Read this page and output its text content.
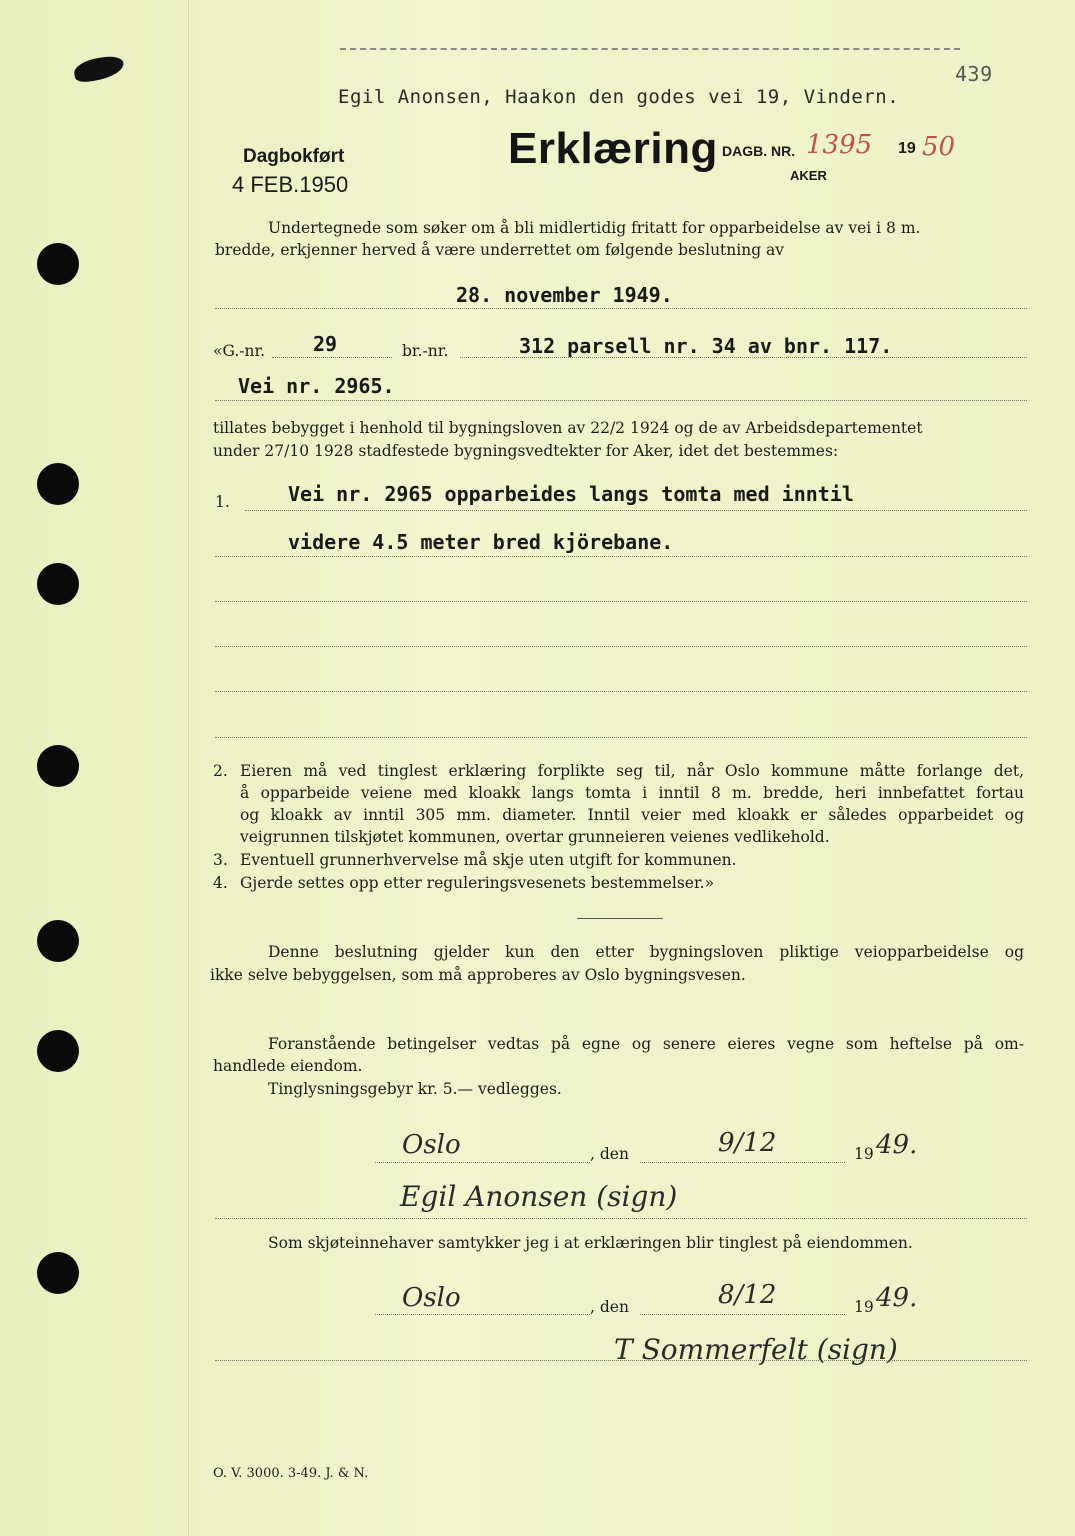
439
Egil Anonsen, Haakon den godes vei 19, Vindern.
Dagbokført
4 FEB.1950
Erklæring DAGB. NR. 1395 19 50
AKER
Undertegnede som søker om å bli midlertidig fritatt for opparbeidelse av vei i 8 m.
bredde, erkjenner herved å være underrettet om følgende beslutning av
28. november 1949.
«G.-nr. 29	br.-nr.	312 parsell nr. 34 av bnr. 117.
Vei nr. 2965.
tillates bebygget i henhold til bygningsloven av 22/2 1924 og de av Arbeidsdepartementet
under 27/10 1928 stadfestede bygningsvedtekter for Aker, idet det bestemmes:
1.	Vei nr. 2965 opparbeides langs tomta med inntil
videre 4.5 meter bred kjörebane.
2. Eieren må ved tinglest erklæring forplikte seg til, når Oslo kommune måtte forlange det,
å opparbeide veiene med kloakk langs tomta i inntil 8 m. bredde, heri innbefattet fortau
og kloakk av inntil 305 mm. diameter. Inntil veier med kloakk er således opparbeidet og
veigrunnen tilskjøtet kommunen, overtar grunneieren veienes vedlikehold.
3. Eventuell grunnerhvervelse må skje uten utgift for kommunen.
4. Gjerde settes opp etter reguleringsvesenets bestemmelser.»
Denne beslutning gjelder kun den etter bygningsloven pliktige veiopparbeidelse og
ikke selve bebyggelsen, som må approberes av Oslo bygningsvesen.
Foranstående betingelser vedtas på egne og senere eieres vegne som heftelse på om-
handlede eiendom.
Tinglysningsgebyr kr. 5.— vedlegges.
Oslo	, den	9/12	19 49.
Egil Anonsen (sign)
Som skjøteinnehaver samtykker jeg i at erklæringen blir tinglest på eiendommen.
Oslo	, den	8/12	19 49.
T Sommerfelt (sign)
O. V. 3000. 3-49. J. & N.
